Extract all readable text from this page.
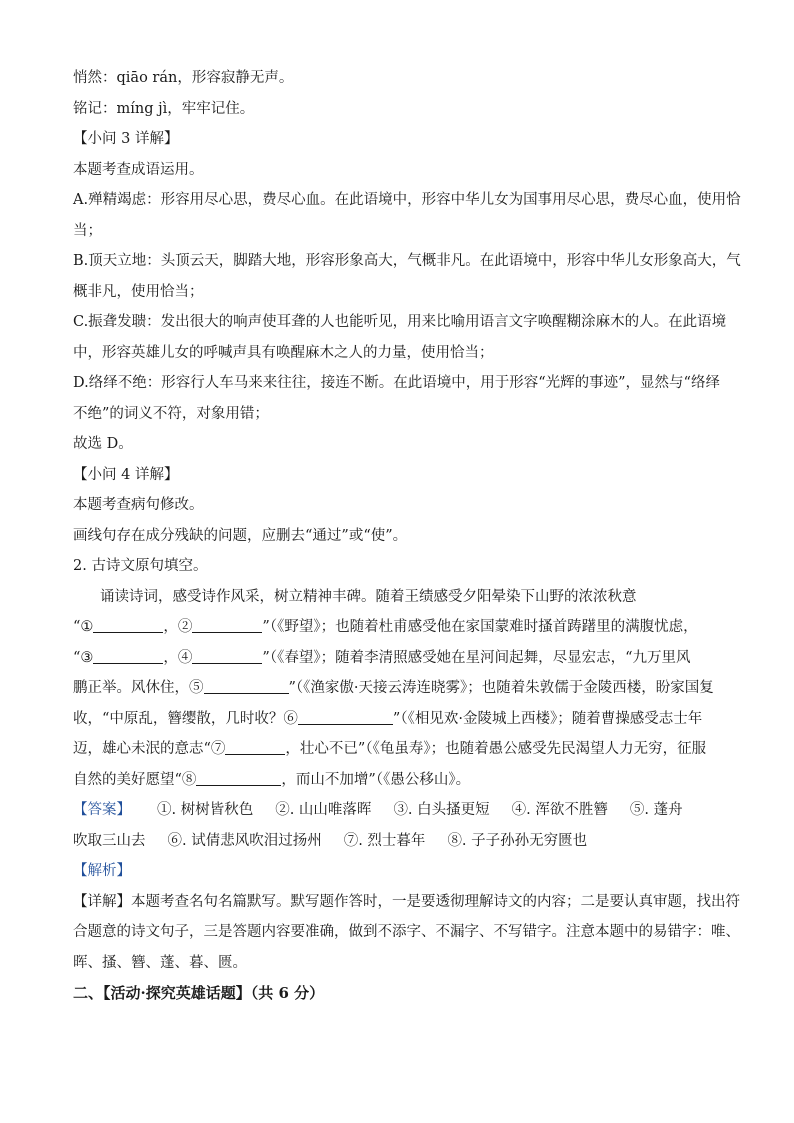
悄然：qiāo rán，形容寂静无声。
铭记：míng jì，牢牢记住。
【小问 3 详解】
本题考查成语运用。
A.殚精竭虑：形容用尽心思，费尽心血。在此语境中，形容中华儿女为国事用尽心思，费尽心血，使用恰
当；
B.顶天立地：头顶云天，脚踏大地，形容形象高大，气概非凡。在此语境中，形容中华儿女形象高大，气
概非凡，使用恰当；
C.振聋发聩：发出很大的响声使耳聋的人也能听见，用来比喻用语言文字唤醒糊涂麻木的人。在此语境
中，形容英雄儿女的呼喊声具有唤醒麻木之人的力量，使用恰当；
D.络绎不绝：形容行人车马来来往往，接连不断。在此语境中，用于形容“光辉的事迹”，显然与“络绎
不绝”的词义不符，对象用错；
故选 D。
【小问 4 详解】
本题考查病句修改。
画线句存在成分残缺的问题，应删去“通过”或“使”。
2. 古诗文原句填空。
诵读诗词，感受诗作风采，树立精神丰碑。随着王绩感受夕阳晕染下山野的浓浓秋意
“①	，②	”（《野望》；也随着杜甫感受他在家国蒙难时搔首踌躇里的满腹忧虑，
“③	，④	”（《春望》；随着李清照感受她在星河间起舞，尽显宏志，“九万里风
鹏正举。风休住，⑤	”（《渔家傲·天接云涛连晓雾》；也随着朱敦儒于金陵西楼，盼家国复
收，“中原乱，簪缨散，几时收？⑥	”（《相见欢·金陵城上西楼》；随着曹操感受志士年
迈，雄心未泯的意志“⑦	，壮心不已”（《龟虽寿》；也随着愚公感受先民渴望人力无穷，征服
自然的美好愿望“⑧	，而山不加增”（《愚公移山》。
【答案】 ①. 树树皆秋色 ②. 山山唯落晖 ③. 白头搔更短 ④. 浑欲不胜簪 ⑤. 蓬舟
吹取三山去 ⑥. 试倩悲风吹泪过扬州 ⑦. 烈士暮年 ⑧. 子子孙孙无穷匮也
【解析】
【详解】本题考查名句名篇默写。默写题作答时，一是要透彻理解诗文的内容；二是要认真审题，找出符
合题意的诗文句子，三是答题内容要准确，做到不添字、不漏字、不写错字。注意本题中的易错字：唯、
晖、搔、簪、蓬、暮、匮。
二、【活动·探究英雄话题】（共 6 分）
